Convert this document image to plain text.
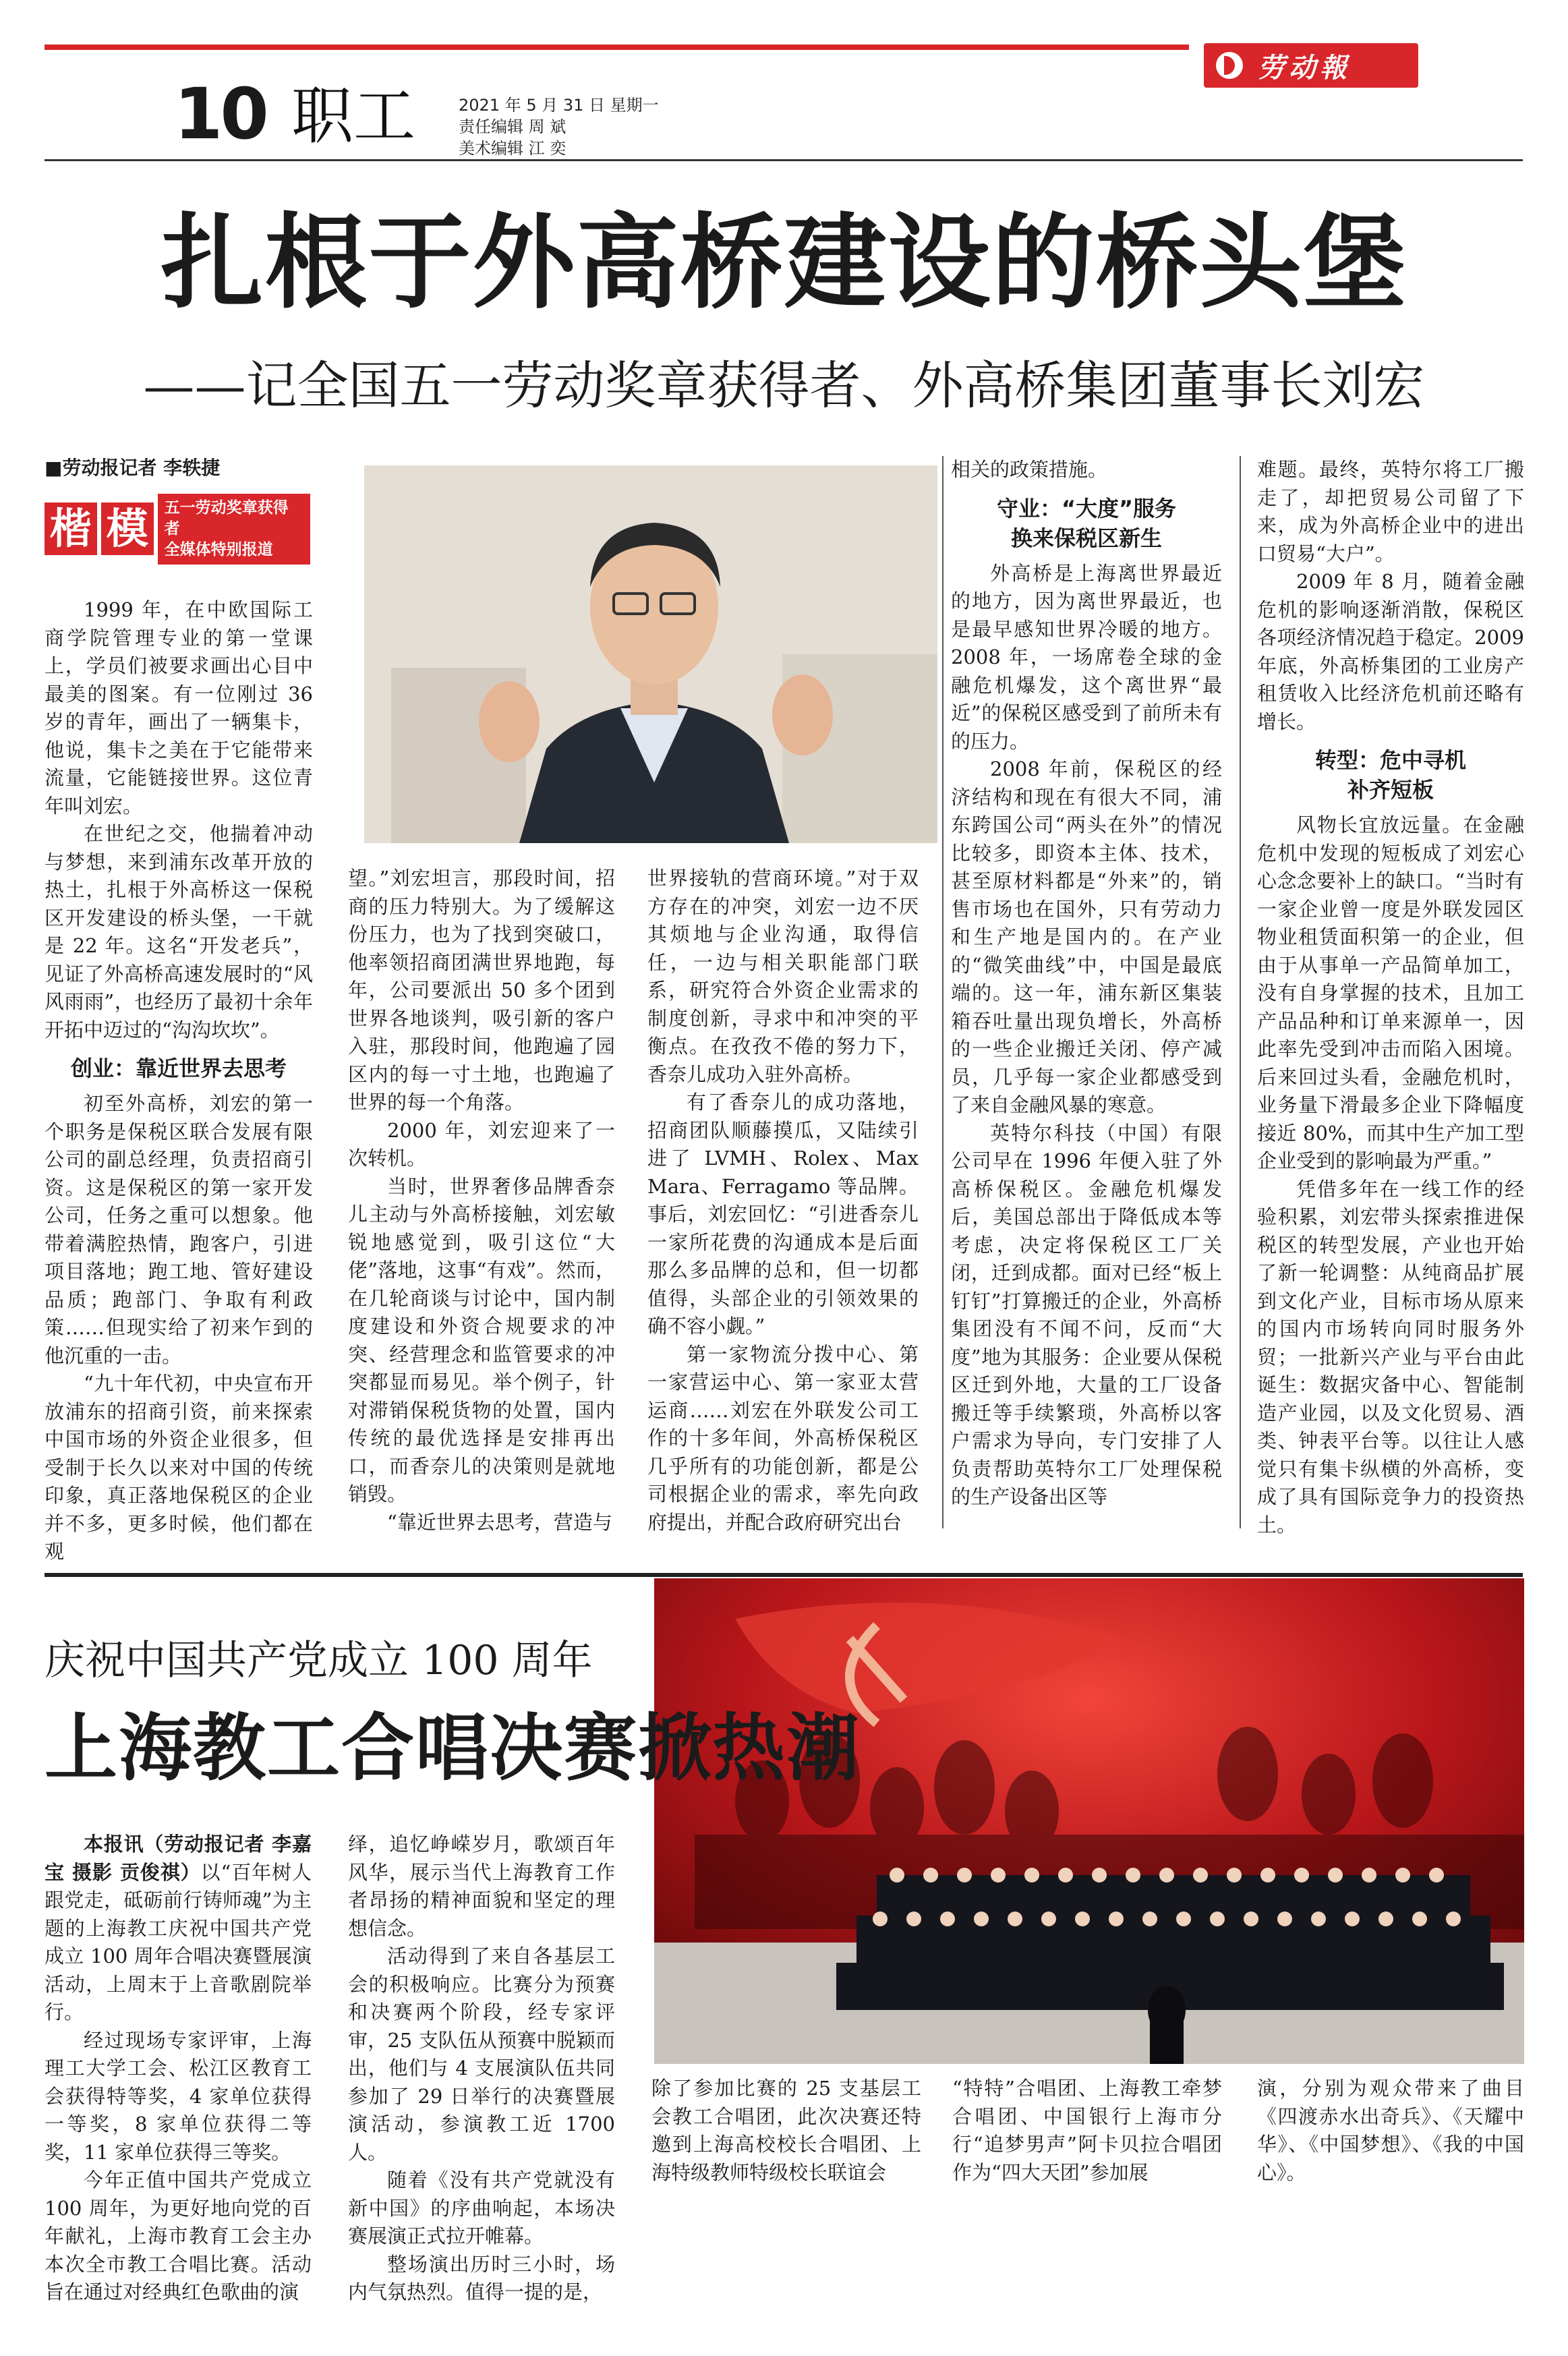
劳动報
10 职工	2021 年 5 月 31 日 星期一
责任编辑 周 斌
美术编辑 江 奕
扎根于外高桥建设的桥头堡
——记全国五一劳动奖章获得者、外高桥集团董事长刘宏
■劳动报记者 李轶捷
楷 模	五一劳动奖章获得者
全媒体特别报道

1999 年，在中欧国际工商学院管理专业的第一堂课上，学员们被要求画出心目中最美的图案。有一位刚过 36 岁的青年，画出了一辆集卡，他说，集卡之美在于它能带来流量，它能链接世界。这位青年叫刘宏。

在世纪之交，他揣着冲动与梦想，来到浦东改革开放的热土，扎根于外高桥这一保税区开发建设的桥头堡，一干就是 22 年。这名“开发老兵”，见证了外高桥高速发展时的“风风雨雨”，也经历了最初十余年开拓中迈过的“沟沟坎坎”。

创业：靠近世界去思考

初至外高桥，刘宏的第一个职务是保税区联合发展有限公司的副总经理，负责招商引资。这是保税区的第一家开发公司，任务之重可以想象。他带着满腔热情，跑客户，引进项目落地；跑工地、管好建设品质；跑部门、争取有利政策……但现实给了初来乍到的他沉重的一击。

“九十年代初，中央宣布开放浦东的招商引资，前来探索中国市场的外资企业很多，但受制于长久以来对中国的传统印象，真正落地保税区的企业并不多，更多时候，他们都在观

望。”刘宏坦言，那段时间，招商的压力特别大。为了缓解这份压力，也为了找到突破口，他率领招商团满世界地跑，每年，公司要派出 50 多个团到世界各地谈判，吸引新的客户入驻，那段时间，他跑遍了园区内的每一寸土地，也跑遍了世界的每一个角落。

2000 年，刘宏迎来了一次转机。

当时，世界奢侈品牌香奈儿主动与外高桥接触，刘宏敏锐地感觉到，吸引这位“大佬”落地，这事“有戏”。然而，在几轮商谈与讨论中，国内制度建设和外资合规要求的冲突、经营理念和监管要求的冲突都显而易见。举个例子，针对滞销保税货物的处置，国内传统的最优选择是安排再出口，而香奈儿的决策则是就地销毁。

“靠近世界去思考，营造与

世界接轨的营商环境。”对于双方存在的冲突，刘宏一边不厌其烦地与企业沟通，取得信任，一边与相关职能部门联系，研究符合外资企业需求的制度创新，寻求中和冲突的平衡点。在孜孜不倦的努力下，香奈儿成功入驻外高桥。

有了香奈儿的成功落地，招商团队顺藤摸瓜，又陆续引进了 LVMH、Rolex、Max Mara、Ferragamo 等品牌。事后，刘宏回忆：“引进香奈儿一家所花费的沟通成本是后面那么多品牌的总和，但一切都值得，头部企业的引领效果的确不容小觑。”

第一家物流分拨中心、第一家营运中心、第一家亚太营运商……刘宏在外联发公司工作的十多年间，外高桥保税区几乎所有的功能创新，都是公司根据企业的需求，率先向政府提出，并配合政府研究出台

相关的政策措施。

守业：“大度”服务
换来保税区新生

外高桥是上海离世界最近的地方，因为离世界最近，也是最早感知世界冷暖的地方。2008 年，一场席卷全球的金融危机爆发，这个离世界“最近”的保税区感受到了前所未有的压力。

2008 年前，保税区的经济结构和现在有很大不同，浦东跨国公司“两头在外”的情况比较多，即资本主体、技术，甚至原材料都是“外来”的，销售市场也在国外，只有劳动力和生产地是国内的。在产业的“微笑曲线”中，中国是最底端的。这一年，浦东新区集装箱吞吐量出现负增长，外高桥的一些企业搬迁关闭、停产减员，几乎每一家企业都感受到了来自金融风暴的寒意。

英特尔科技（中国）有限公司早在 1996 年便入驻了外高桥保税区。金融危机爆发后，美国总部出于降低成本等考虑，决定将保税区工厂关闭，迁到成都。面对已经“板上钉钉”打算搬迁的企业，外高桥集团没有不闻不问，反而“大度”地为其服务：企业要从保税区迁到外地，大量的工厂设备搬迁等手续繁琐，外高桥以客户需求为导向，专门安排了人负责帮助英特尔工厂处理保税的生产设备出区等

难题。最终，英特尔将工厂搬走了，却把贸易公司留了下来，成为外高桥企业中的进出口贸易“大户”。

2009 年 8 月，随着金融危机的影响逐渐消散，保税区各项经济情况趋于稳定。2009 年底，外高桥集团的工业房产租赁收入比经济危机前还略有增长。

转型：危中寻机
补齐短板

风物长宜放远量。在金融危机中发现的短板成了刘宏心心念念要补上的缺口。“当时有一家企业曾一度是外联发园区物业租赁面积第一的企业，但由于从事单一产品简单加工，没有自身掌握的技术，且加工产品品种和订单来源单一，因此率先受到冲击而陷入困境。后来回过头看，金融危机时，业务量下滑最多企业下降幅度接近 80%，而其中生产加工型企业受到的影响最为严重。”

凭借多年在一线工作的经验积累，刘宏带头探索推进保税区的转型发展，产业也开始了新一轮调整：从纯商品扩展到文化产业，目标市场从原来的国内市场转向同时服务外贸；一批新兴产业与平台由此诞生：数据灾备中心、智能制造产业园，以及文化贸易、酒类、钟表平台等。以往让人感觉只有集卡纵横的外高桥，变成了具有国际竞争力的投资热土。

庆祝中国共产党成立 100 周年
上海教工合唱决赛掀热潮

本报讯（劳动报记者 李嘉宝 摄影 贡俊祺）以“百年树人跟党走，砥砺前行铸师魂”为主题的上海教工庆祝中国共产党成立 100 周年合唱决赛暨展演活动，上周末于上音歌剧院举行。

经过现场专家评审，上海理工大学工会、松江区教育工会获得特等奖，4 家单位获得一等奖，8 家单位获得二等奖，11 家单位获得三等奖。

今年正值中国共产党成立 100 周年，为更好地向党的百年献礼，上海市教育工会主办本次全市教工合唱比赛。活动旨在通过对经典红色歌曲的演

绎，追忆峥嵘岁月，歌颂百年风华，展示当代上海教育工作者昂扬的精神面貌和坚定的理想信念。

活动得到了来自各基层工会的积极响应。比赛分为预赛和决赛两个阶段，经专家评审，25 支队伍从预赛中脱颖而出，他们与 4 支展演队伍共同参加了 29 日举行的决赛暨展演活动，参演教工近 1700 人。

随着《没有共产党就没有新中国》的序曲响起，本场决赛展演正式拉开帷幕。

整场演出历时三小时，场内气氛热烈。值得一提的是，

除了参加比赛的 25 支基层工会教工合唱团，此次决赛还特邀到上海高校校长合唱团、上海特级教师特级校长联谊会

“特特”合唱团、上海教工牵梦合唱团、中国银行上海市分行“追梦男声”阿卡贝拉合唱团作为“四大天团”参加展

演，分别为观众带来了曲目《四渡赤水出奇兵》、《天耀中华》、《中国梦想》、《我的中国心》。
